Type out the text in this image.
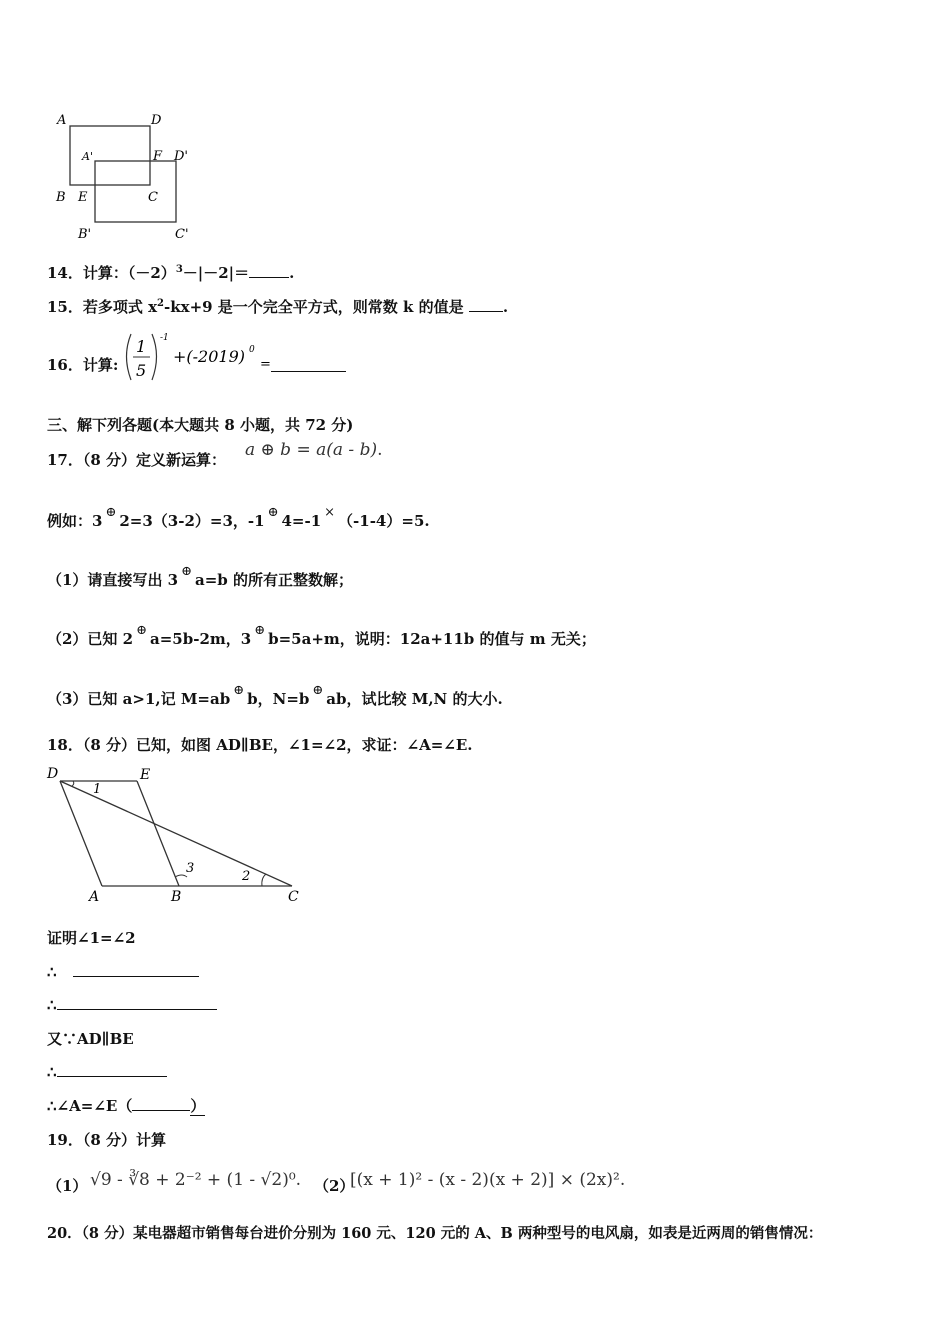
A	D
A'	F D'
B E	C
B'	C'
14．计算：$(-2)^3-|-2|=$	.
15．若多项式 $x^2-kx+9$ 是一个完全平方式，则常数 k 的值是	.
16．计算:
1
5
-1
+(-2019) 0
=
三、解下列各题(本大题共 8 小题，共 72 分)
17．（8 分）定义新运算： a ⊕ b = a(a - b).
例如：3 ⊕ 2=3（3-2）=3，-1 ⊕ 4=-1 × （-1-4）=5.
（1）请直接写出 3 ⊕ a=b 的所有正整数解；
（2）已知 2 ⊕ a=5b-2m，3 ⊕ b=5a+m，说明：12a+11b 的值与 m 无关；
（3）已知 a>1,记 M=ab ⊕ b，N=b ⊕ ab，试比较 M,N 的大小.
18．（8 分）已知，如图 AD∥BE，∠1=∠2，求证：∠A=∠E.
D	E
A	B	C
1
2
3
证明∠1=∠2
∴
∴
又∵AD∥BE
∴
∴∠A=∠E（	）
19．（8 分）计算
（1） √9 - ∛8 + 2⁻² + (1 - √2)⁰. （2）
[(x + 1)² - (x - 2)(x + 2)] × (2x)².
20．（8 分）某电器超市销售每台进价分别为 160 元、120 元的 A、B 两种型号的电风扇，如表是近两周的销售情况：
